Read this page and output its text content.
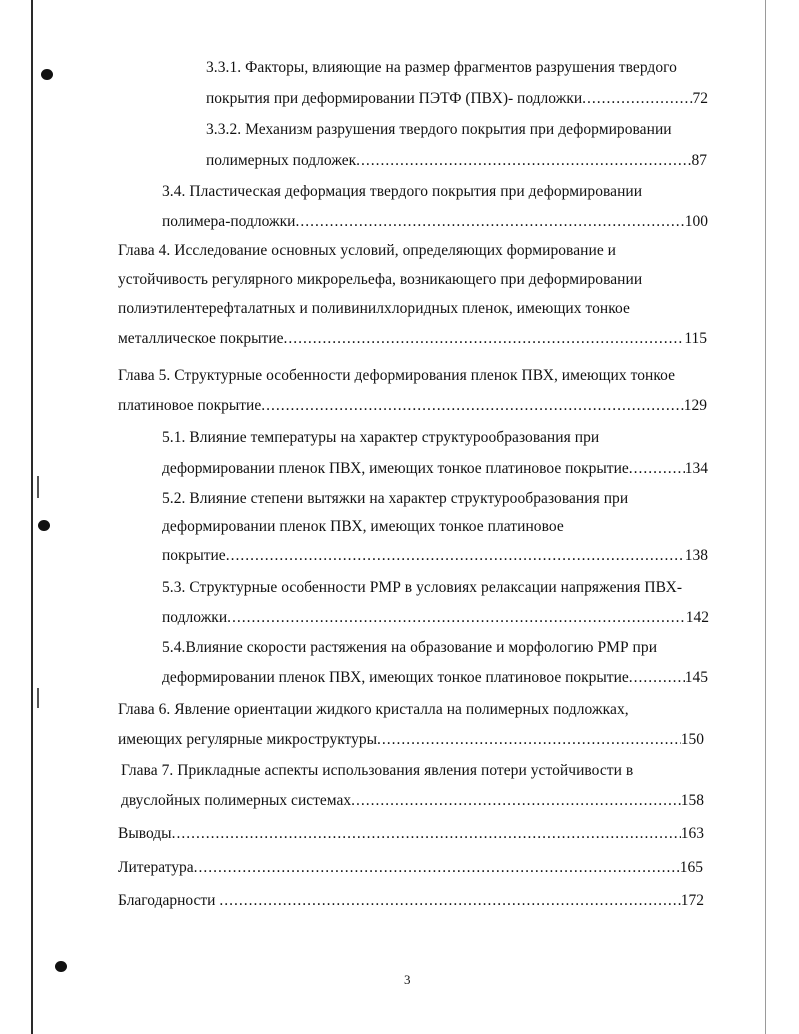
3.3.1. Факторы, влияющие на размер фрагментов разрушения твердого
покрытия при деформировании ПЭТФ (ПВХ)- подложки .....	72
3.3.2. Механизм разрушения твердого покрытия при деформировании
полимерных подложек .....	87
3.4. Пластическая деформация твердого покрытия при деформировании
полимера-подложки .....	100
Глава 4. Исследование основных условий, определяющих формирование и
устойчивость регулярного микрорельефа, возникающего при деформировании
полиэтилентерефталатных и поливинилхлоридных пленок, имеющих тонкое
металлическое покрытие .....	115
Глава 5. Структурные особенности деформирования пленок ПВХ, имеющих тонкое
платиновое покрытие .....	129
5.1. Влияние температуры на характер структурообразования при
деформировании пленок ПВХ, имеющих тонкое платиновое покрытие .....	134
5.2. Влияние степени вытяжки на характер структурообразования при
деформировании пленок ПВХ, имеющих тонкое платиновое
покрытие .....	138
5.3. Структурные особенности РМР в условиях релаксации напряжения ПВХ-
подложки .....	142
5.4.Влияние скорости растяжения на образование и морфологию РМР при
деформировании пленок ПВХ, имеющих тонкое платиновое покрытие .....	145
Глава 6. Явление ориентации жидкого кристалла на полимерных подложках,
имеющих регулярные микроструктуры .....	150
Глава 7. Прикладные аспекты использования явления потери устойчивости в
двуслойных полимерных системах .....	158
Выводы .....	163
Литература .....	165
Благодарности .....	172
3
